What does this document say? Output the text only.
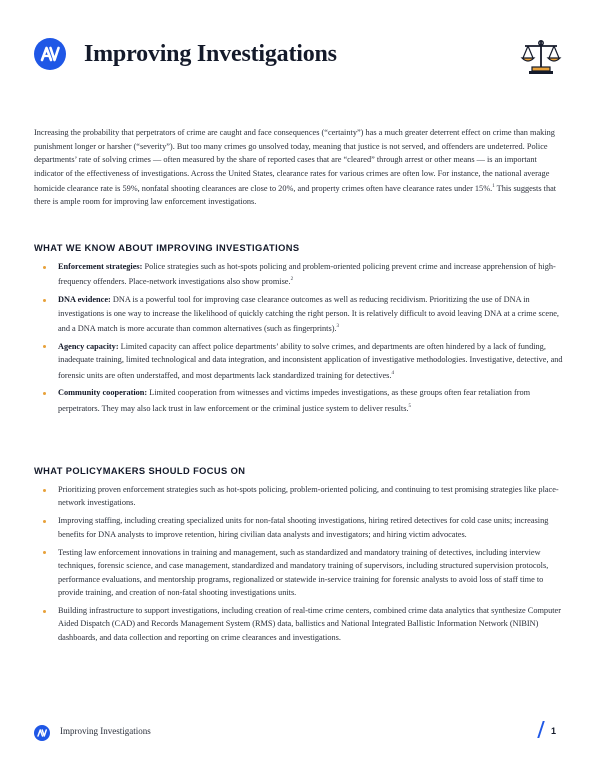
Improving Investigations
Increasing the probability that perpetrators of crime are caught and face consequences (“certainty”) has a much greater deterrent effect on crime than making punishment longer or harsher (“severity”). But too many crimes go unsolved today, meaning that justice is not served, and offenders are undeterred. Police departments’ rate of solving crimes — often measured by the share of reported cases that are “cleared” through arrest or other means — is an important indicator of the effectiveness of investigations. Across the United States, clearance rates for various crimes are often low. For instance, the national average homicide clearance rate is 59%, nonfatal shooting clearances are close to 20%, and property crimes often have clearance rates under 15%.$^1$ This suggests that there is ample room for improving law enforcement investigations.
WHAT WE KNOW ABOUT IMPROVING INVESTIGATIONS
Enforcement strategies: Police strategies such as hot-spots policing and problem-oriented policing prevent crime and increase apprehension of high-frequency offenders. Place-network investigations also show promise.$^2$
DNA evidence: DNA is a powerful tool for improving case clearance outcomes as well as reducing recidivism. Prioritizing the use of DNA in investigations is one way to increase the likelihood of quickly catching the right person. It is relatively difficult to avoid leaving DNA at a crime scene, and a DNA match is more accurate than common alternatives (such as fingerprints).$^3$
Agency capacity: Limited capacity can affect police departments’ ability to solve crimes, and departments are often hindered by a lack of funding, inadequate training, limited technological and data integration, and inconsistent application of investigative methodologies. Investigative, detective, and forensic units are often understaffed, and most departments lack standardized training for detectives.$^4$
Community cooperation: Limited cooperation from witnesses and victims impedes investigations, as these groups often fear retaliation from perpetrators. They may also lack trust in law enforcement or the criminal justice system to deliver results.$^5$
WHAT POLICYMAKERS SHOULD FOCUS ON
Prioritizing proven enforcement strategies such as hot-spots policing, problem-oriented policing, and continuing to test promising strategies like place-network investigations.
Improving staffing, including creating specialized units for non-fatal shooting investigations, hiring retired detectives for cold case units; increasing benefits for DNA analysts to improve retention, hiring civilian data analysts and investigators; and hiring victim advocates.
Testing law enforcement innovations in training and management, such as standardized and mandatory training of detectives, including interview techniques, forensic science, and case management, standardized and mandatory training of supervisors, including structured supervision protocols, performance evaluations, and mentorship programs, regionalized or statewide in-service training for forensic analysts to avoid loss of staff time to provide training, and creation of non-fatal shooting investigations units.
Building infrastructure to support investigations, including creation of real-time crime centers, combined crime data analytics that synthesize Computer Aided Dispatch (CAD) and Records Management System (RMS) data, ballistics and National Integrated Ballistic Information Network (NIBIN) dashboards, and data collection and reporting on crime clearances and investigations.
Improving Investigations	1
